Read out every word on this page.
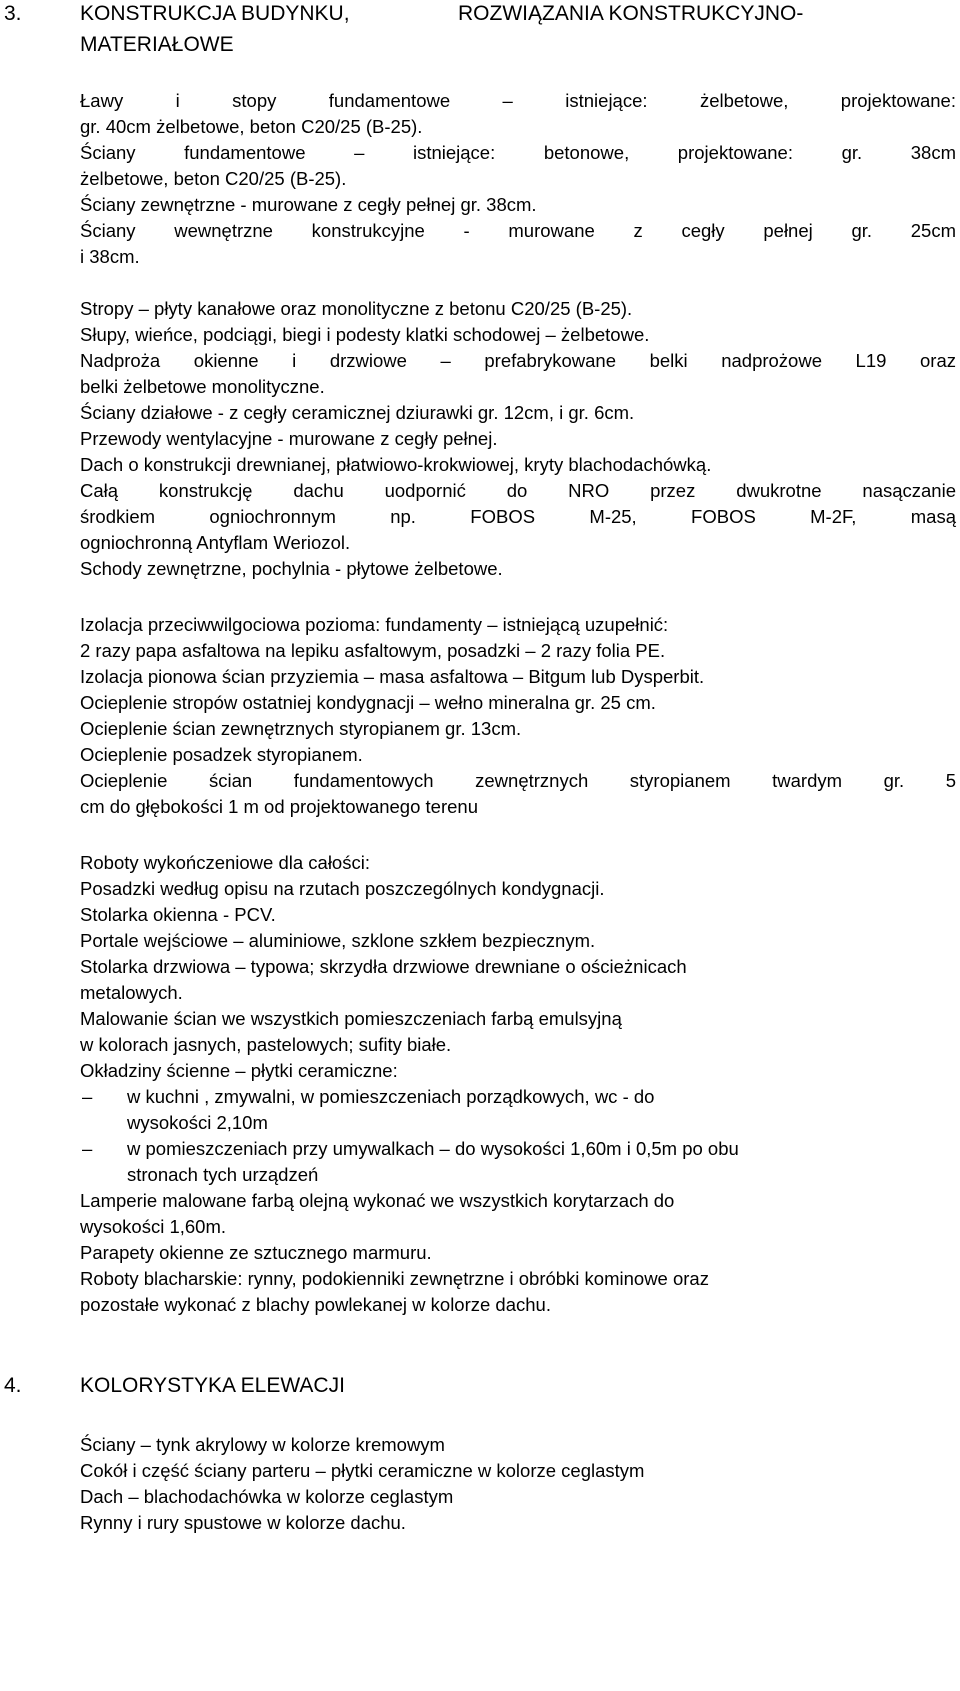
3.	KONSTRUKCJA BUDYNKU,	ROZWIĄZANIA KONSTRUKCYJNO-
MATERIAŁOWE
Ławy i stopy fundamentowe – istniejące: żelbetowe, projektowane:
gr. 40cm żelbetowe, beton C20/25 (B-25).
Ściany fundamentowe – istniejące: betonowe, projektowane: gr. 38cm
żelbetowe, beton C20/25 (B-25).
Ściany zewnętrzne - murowane z cegły pełnej gr. 38cm.
Ściany wewnętrzne konstrukcyjne - murowane z cegły pełnej gr. 25cm
i 38cm.
Stropy – płyty kanałowe oraz monolityczne z betonu C20/25 (B-25).
Słupy, wieńce, podciągi, biegi i podesty klatki schodowej – żelbetowe.
Nadproża okienne i drzwiowe – prefabrykowane belki nadprożowe L19 oraz
belki żelbetowe monolityczne.
Ściany działowe - z cegły ceramicznej dziurawki gr. 12cm, i gr. 6cm.
Przewody wentylacyjne - murowane z cegły pełnej.
Dach o konstrukcji drewnianej, płatwiowo-krokwiowej, kryty blachodachówką.
Całą konstrukcję dachu uodpornić do NRO przez dwukrotne nasączanie
środkiem ogniochronnym np. FOBOS M-25, FOBOS M-2F, masą
ogniochronną Antyflam Weriozol.
Schody zewnętrzne, pochylnia - płytowe żelbetowe.
Izolacja przeciwwilgociowa pozioma: fundamenty – istniejącą uzupełnić:
2 razy papa asfaltowa na lepiku asfaltowym, posadzki – 2 razy folia PE.
Izolacja pionowa ścian przyziemia – masa asfaltowa – Bitgum lub Dysperbit.
Ocieplenie stropów ostatniej kondygnacji – wełno mineralna gr. 25 cm.
Ocieplenie ścian zewnętrznych styropianem gr. 13cm.
Ocieplenie posadzek styropianem.
Ocieplenie ścian fundamentowych zewnętrznych styropianem twardym gr. 5
cm do głębokości 1 m od projektowanego terenu
Roboty wykończeniowe dla całości:
Posadzki według opisu na rzutach poszczególnych kondygnacji.
Stolarka okienna - PCV.
Portale wejściowe – aluminiowe, szklone szkłem bezpiecznym.
Stolarka drzwiowa – typowa; skrzydła drzwiowe drewniane o ościeżnicach
metalowych.
Malowanie ścian we wszystkich pomieszczeniach farbą emulsyjną
w kolorach jasnych, pastelowych; sufity białe.
Okładziny ścienne – płytki ceramiczne:
– w kuchni , zmywalni, w pomieszczeniach porządkowych, wc - do
wysokości 2,10m
– w pomieszczeniach przy umywalkach – do wysokości 1,60m i 0,5m po obu
stronach tych urządzeń
Lamperie malowane farbą olejną wykonać we wszystkich korytarzach do
wysokości 1,60m.
Parapety okienne ze sztucznego marmuru.
Roboty blacharskie: rynny, podokienniki zewnętrzne i obróbki kominowe oraz
pozostałe wykonać z blachy powlekanej w kolorze dachu.
4.	KOLORYSTYKA ELEWACJI
Ściany – tynk akrylowy w kolorze kremowym
Cokół i część ściany parteru – płytki ceramiczne w kolorze ceglastym
Dach – blachodachówka w kolorze ceglastym
Rynny i rury spustowe w kolorze dachu.
